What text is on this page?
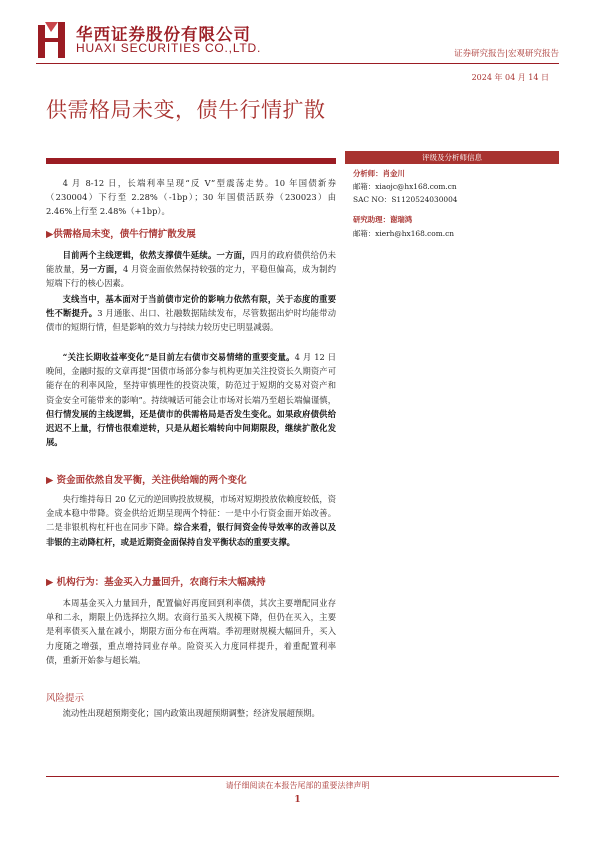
华西证券股份有限公司
HUAXI SECURITIES CO.,LTD.	证券研究报告|宏观研究报告
2024 年 04 月 14 日
供需格局未变，债牛行情扩散
评级及分析师信息
分析师：肖金川
邮箱：xiaojc@hx168.com.cn
SAC NO：S1120524030004
研究助理：谢瑞鸿
邮箱：xierh@hx168.com.cn
4 月 8-12 日，长端利率呈现“反 V”型震荡走势。10 年国债新券（230004）下行至 2.28%（-1bp）；30 年国债活跃券（230023）由 2.46%上行至 2.48%（+1bp）。
▶供需格局未变，债牛行情扩散发展
目前两个主线逻辑，依然支撑债牛延续。一方面，四月的政府债供给仍未能放量，另一方面，4 月资金面依然保持较强的定力，平稳但偏高，成为制约短端下行的核心因素。
支线当中，基本面对于当前债市定价的影响力依然有限，关于态度的重要性不断提升。3 月通胀、出口、社融数据陆续发布，尽管数据出炉时均能带动债市的短期行情，但是影响的效力与持续力较历史已明显减弱。
“关注长期收益率变化”是目前左右债市交易情绪的重要变量。4 月 12 日晚间，金融时报的文章再提“国债市场部分参与机构更加关注投资长久期资产可能存在的利率风险，坚持审慎理性的投资决策，防范过于短期的交易对资产和资金安全可能带来的影响”。持续喊话可能会让市场对长端乃至超长端偏谨慎，但行情发展的主线逻辑，还是债市的供需格局是否发生变化。如果政府债供给迟迟不上量，行情也很难逆转，只是从超长端转向中间期限段，继续扩散化发展。
▶ 资金面依然自发平衡，关注供给端的两个变化
央行维持每日 20 亿元的逆回购投放规模，市场对短期投放依赖度较低，资金成本稳中带降。资金供给近期呈现两个特征：一是中小行资金面开始改善。二是非银机构杠杆也在同步下降。综合来看，银行间资金传导效率的改善以及非银的主动降杠杆，或是近期资金面保持自发平衡状态的重要支撑。
▶ 机构行为：基金买入力量回升，农商行未大幅减持
本周基金买入力量回升，配置偏好再度回到利率债，其次主要增配同业存单和二永，期限上仍选择拉久期。农商行虽买入规模下降，但仍在买入，主要是利率债买入量在减小，期限方面分布在两端。季初理财规模大幅回升，买入力度随之增强，重点增持同业存单。险资买入力度同样提升，着重配置利率债，重新开始参与超长端。
风险提示
流动性出现超预期变化；国内政策出现超预期调整；经济发展超预期。
请仔细阅读在本报告尾部的重要法律声明
1
